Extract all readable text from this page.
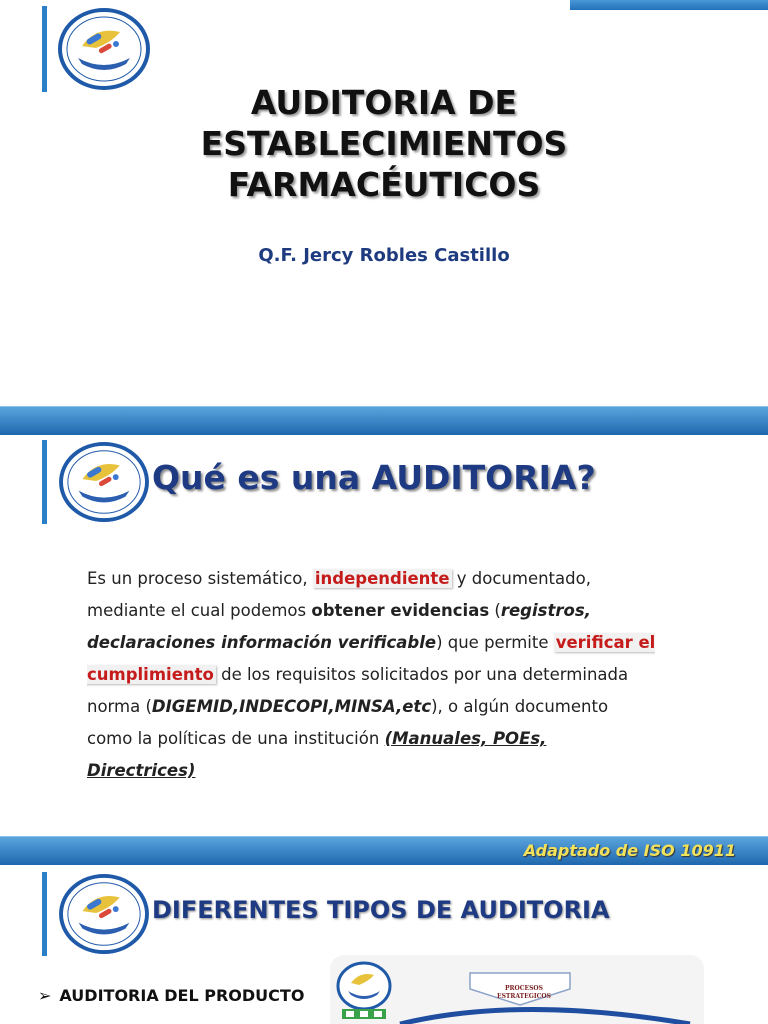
AUDITORIA DE
ESTABLECIMIENTOS
FARMACÉUTICOS
Q.F. Jercy Robles Castillo
Qué es una AUDITORIA?
Es un proceso sistemático, independiente y documentado, mediante el cual podemos obtener evidencias (registros, declaraciones información verificable) que permite verificar el cumplimiento de los requisitos solicitados por una determinada norma (DIGEMID,INDECOPI,MINSA,etc), o algún documento como la políticas de una institución (Manuales, POEs, Directrices)
Adaptado de ISO 10911
DIFERENTES TIPOS DE AUDITORIA
➢ AUDITORIA DEL PRODUCTO	PROCESOS
ESTRATEGICOS
